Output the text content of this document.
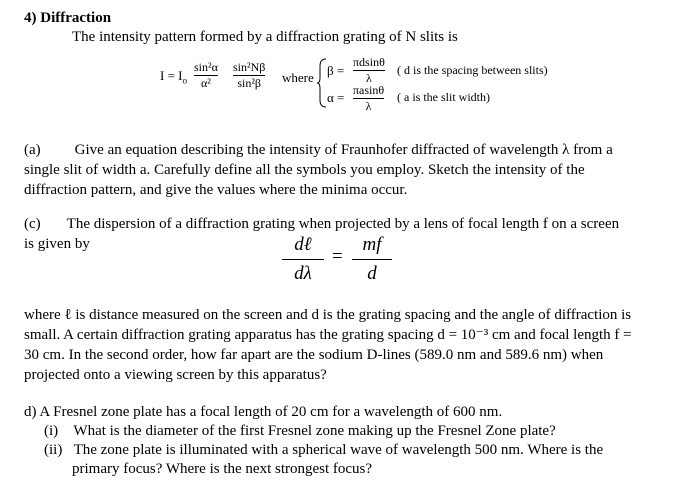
4) Diffraction
The intensity pattern formed by a diffraction grating of N slits is
$I = I_o$
sin²α
α²
sin²Nβ
sin²β	where β =
πdsinθ
λ
( d is the spacing between slits)
α = πasinθ
λ
( a is the slit width)

(a) Give an equation describing the intensity of Fraunhofer diffracted of wavelength λ from a

single slit of width a. Carefully define all the symbols you employ. Sketch the intensity of the

diffraction pattern, and give the values where the minima occur.

(c) The dispersion of a diffraction grating when projected by a lens of focal length f on a screen

is given by	dℓ
dλ
=
mf
d

where ℓ is distance measured on the screen and d is the grating spacing and the angle of diffraction is

small. A certain diffraction grating apparatus has the grating spacing d = 10⁻³ cm and focal length f =

30 cm. In the second order, how far apart are the sodium D-lines (589.0 nm and 589.6 nm) when

projected onto a viewing screen by this apparatus?

d) A Fresnel zone plate has a focal length of 20 cm for a wavelength of 600 nm.
(i) What is the diameter of the first Fresnel zone making up the Fresnel Zone plate?
(ii) The zone plate is illuminated with a spherical wave of wavelength 500 nm. Where is the
primary focus? Where is the next strongest focus?
